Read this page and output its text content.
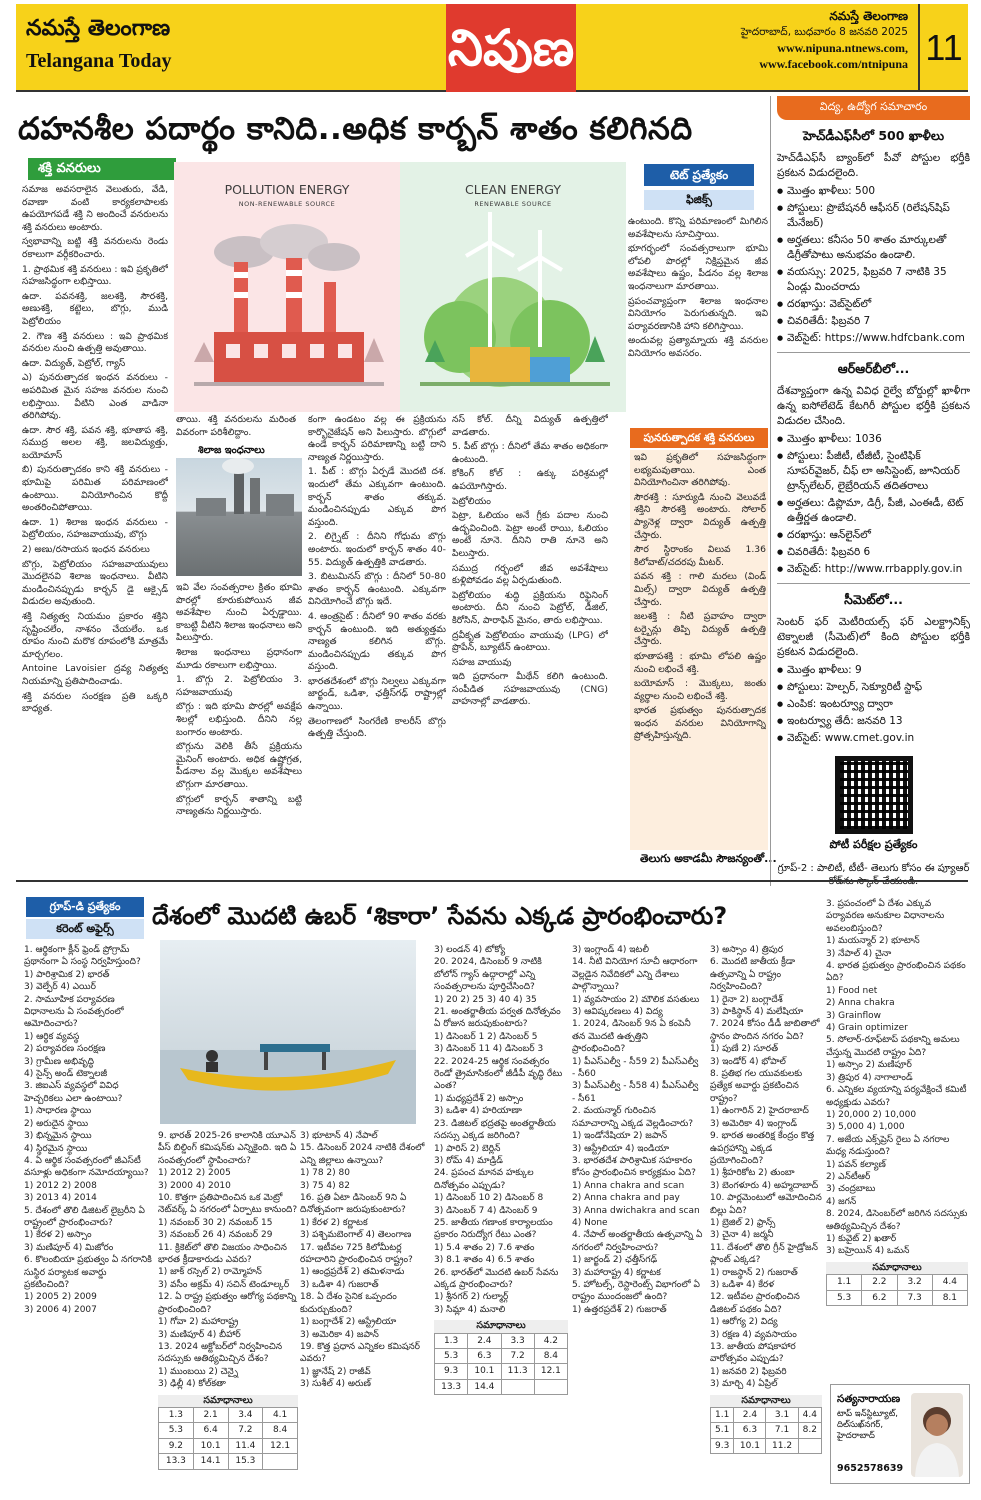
నమస్తే తెలంగాణ
Telangana Today	నిపుణ
నమస్తే తెలంగాణ
హైదరాబాద్, బుధవారం 8 జనవరి 2025
www.nipuna.ntnews.com,
www.facebook.com/ntnipuna 11
దహనశీల పదార్థం కానిది..అధిక కార్బన్ శాతం కలిగినది
శక్తి వనరులు

సమాజ అవసరాలైన వెలుతురు, వేడి, రవాణా వంటి కార్యకలాపాలకు ఉపయోగపడే శక్తి ని అందించే వనరులను శక్తి వనరులు అంటారు.

స్వభావాన్ని బట్టి శక్తి వనరులను రెండు రకాలుగా వర్గీకరించారు.

1. ప్రాథమిక శక్తి వనరులు : ఇవి ప్రకృతిలో సహజసిద్ధంగా లభిస్తాయి.

ఉదా. పవనశక్తి, జలశక్తి, సౌరశక్తి, అణుశక్తి, కట్టెలు, బొగ్గు, ముడి పెట్రోలియం

2. గౌణ శక్తి వనరులు : ఇవి ప్రాథమిక వనరుల నుంచి ఉత్పత్తి అవుతాయి.

ఉదా. విద్యుత్, పెట్రోల్, గ్యాస్

ఎ) పునరుత్పాదక ఇంధన వనరులు - అపరిమిత మైన సహజ వనరుల నుంచి లభిస్తాయి. వీటిని ఎంత వాడినా తరిగిపోవు.

ఉదా. సౌర శక్తి, పవన శక్తి, భూతాప శక్తి, సముద్ర అలల శక్తి, జలవిద్యుత్తు, బయోమాస్

బి) పునరుత్పాదకం కాని శక్తి వనరులు - భూమిపై పరిమిత పరిమాణంలో ఉంటాయి. వినియోగించిన కొద్దీ అంతరించిపోతాయి.

ఉదా. 1) శిలాజ ఇంధన వనరులు - పెట్రోలియం, సహజవాయువు, బొగ్గు

2) అణు/రసాయన ఇంధన వనరులు

బొగ్గు, పెట్రోలియం సహజవాయువులు మొదలైనవి శిలాజ ఇంధనాలు. వీటిని మండించినప్పుడు కార్బన్ డై ఆక్సైడ్ విడుదల అవుతుంది.

శక్తి నిత్యత్వ నియమం ప్రకారం శక్తిని సృష్టించలేం, నాశనం చేయలేం. ఒక రూపం నుంచి మరొక రూపంలోకి మాత్రమే మార్చగలం.

Antoine Lavoisier ద్రవ్య నిత్యత్వ నియమాన్ని ప్రతిపాదించాడు.

శక్తి వనరుల సంరక్షణ ప్రతి ఒక్కరి బాధ్యత.

POLLUTION ENERGY
NON-RENEWABLE SOURCE
CLEAN ENERGY
RENEWABLE SOURCE
తాయి. శక్తి వనరులను మరింత వివరంగా పరిశీలిద్దాం.
శిలాజ ఇంధనాలు

ఇవి వేల సంవత్సరాల క్రితం భూమి పొరల్లో కూరుకుపోయిన జీవ అవశేషాల నుంచి ఏర్పడ్డాయి. కాబట్టి వీటిని శిలాజ ఇంధనాలు అని పిలుస్తారు.

శిలాజ ఇంధనాలు ప్రధానంగా మూడు రకాలుగా లభిస్తాయి.

1. బొగ్గు 2. పెట్రోలియం 3. సహజవాయువు

బొగ్గు : ఇది భూమి పొరల్లో అవక్షేప శిలల్లో లభిస్తుంది. దీనిని నల్ల బంగారం అంటారు.

బొగ్గును వెలికి తీసే ప్రక్రియను మైనింగ్ అంటారు. అధిక ఉష్ణోగ్రత, పీడనాల వల్ల మొక్కల అవశేషాలు బొగ్గుగా మారతాయి.

బొగ్గులో కార్బన్ శాతాన్ని బట్టి నాణ్యతను నిర్ణయిస్తారు.

కంగా ఉండటం వల్ల ఈ ప్రక్రియను కార్బొనైజేషన్ అని పిలుస్తారు. బొగ్గులో ఉండే కార్బన్ పరిమాణాన్ని బట్టి దాని నాణ్యత నిర్ణయిస్తారు.

1. పీట్ : బొగ్గు ఏర్పడే మొదటి దశ. ఇందులో తేమ ఎక్కువగా ఉంటుంది. కార్బన్ శాతం తక్కువ. మండించినప్పుడు ఎక్కువ పొగ వస్తుంది.

2. లిగ్నైట్ : దీనిని గోధుమ బొగ్గు అంటారు. ఇందులో కార్బన్ శాతం 40-55. విద్యుత్ ఉత్పత్తికి వాడతారు.

3. బిటుమినస్ బొగ్గు : దీనిలో 50-80 శాతం కార్బన్ ఉంటుంది. ఎక్కువగా వినియోగించే బొగ్గు ఇదే.

4. ఆంత్రసైట్ : దీనిలో 90 శాతం వరకు కార్బన్ ఉంటుంది. ఇది అత్యుత్తమ నాణ్యత కలిగిన బొగ్గు. మండించినప్పుడు తక్కువ పొగ వస్తుంది.

భారతదేశంలో బొగ్గు నిల్వలు ఎక్కువగా జార్ఖండ్, ఒడిశా, ఛత్తీస్‌గఢ్ రాష్ట్రాల్లో ఉన్నాయి.

తెలంగాణలో సింగరేణి కాలరీస్ బొగ్గు ఉత్పత్తి చేస్తుంది.

నస్ కోల్. దీన్ని విద్యుత్ ఉత్పత్తిలో వాడతారు.

5. పీట్ బొగ్గు : దీనిలో తేమ శాతం అధికంగా ఉంటుంది.

కోకింగ్ కోల్ : ఉక్కు పరిశ్రమల్లో ఉపయోగిస్తారు.

పెట్రోలియం

పెట్రా, ఓలియం అనే గ్రీకు పదాల నుంచి ఉద్భవించింది. పెట్రా అంటే రాయి, ఓలియం అంటే నూనె. దీనిని రాతి నూనె అని పిలుస్తారు.

సముద్ర గర్భంలో జీవ అవశేషాలు కుళ్లిపోవడం వల్ల ఏర్పడుతుంది.

పెట్రోలియం శుద్ధి ప్రక్రియను రిఫైనింగ్ అంటారు. దీని నుంచి పెట్రోల్, డీజిల్, కిరోసిన్, పారాఫిన్ మైనం, తారు లభిస్తాయి.

ద్రవీకృత పెట్రోలియం వాయువు (LPG) లో ప్రొపేన్, బ్యూటేన్ ఉంటాయి.

సహజ వాయువు

ఇది ప్రధానంగా మీథేన్ కలిగి ఉంటుంది. సంపీడిత సహజవాయువు (CNG) వాహనాల్లో వాడతారు.

టెట్ ప్రత్యేకం
ఫిజిక్స్

ఉంటుంది. కొన్ని పరిమాణంలో మిగిలిన అవశేషాలను సూచిస్తాయి.

భూగర్భంలో సంవత్సరాలుగా భూమి లోపలి పొరల్లో నిక్షిప్తమైన జీవ అవశేషాలు ఉష్ణం, పీడనం వల్ల శిలాజ ఇంధనాలుగా మారతాయి.

ప్రపంచవ్యాప్తంగా శిలాజ ఇంధనాల వినియోగం పెరుగుతున్నది. ఇవి పర్యావరణానికి హాని కలిగిస్తాయి.

అందువల్ల ప్రత్యామ్నాయ శక్తి వనరుల వినియోగం అవసరం.

పునరుత్పాదక శక్తి వనరులు

ఇవి ప్రకృతిలో సహజసిద్ధంగా లభ్యమవుతాయి. ఎంత వినియోగించినా తరిగిపోవు.

సౌరశక్తి : సూర్యుడి నుంచి వెలువడే శక్తిని సౌరశక్తి అంటారు. సోలార్ ప్యానెళ్ల ద్వారా విద్యుత్ ఉత్పత్తి చేస్తారు.

సౌర స్థిరాంకం విలువ 1.36 కిలోవాట్/చదరపు మీటర్.

పవన శక్తి : గాలి మరలు (విండ్ మిల్స్) ద్వారా విద్యుత్ ఉత్పత్తి చేస్తారు.

జలశక్తి : నీటి ప్రవాహం ద్వారా టర్బైన్లు తిప్పి విద్యుత్ ఉత్పత్తి చేస్తారు.

భూతాపశక్తి : భూమి లోపలి ఉష్ణం నుంచి లభించే శక్తి.

బయోమాస్ : మొక్కలు, జంతు వ్యర్థాల నుంచి లభించే శక్తి.

భారత ప్రభుత్వం పునరుత్పాదక ఇంధన వనరుల వినియోగాన్ని ప్రోత్సహిస్తున్నది.

తెలుగు అకాడమీ సౌజన్యంతో...
విద్య, ఉద్యోగ సమాచారం
హెచ్‌డీఎఫ్‌సీలో 500 ఖాళీలు
హెచ్‌డీఎఫ్‌సీ బ్యాంక్‌లో పీవో పోస్టుల భర్తీకి ప్రకటన విడుదలైంది.
● మొత్తం ఖాళీలు: 500
● పోస్టులు: ప్రొబేషనరీ ఆఫీసర్ (రిలేషన్‌షిప్ మేనేజర్)
● అర్హతలు: కనీసం 50 శాతం మార్కులతో డిగ్రీతోపాటు అనుభవం ఉండాలి.
● వయస్సు: 2025, ఫిబ్రవరి 7 నాటికి 35 ఏండ్లు మించరాదు
● దరఖాస్తు: వెబ్‌సైట్‌లో
● చివరితేదీ: ఫిబ్రవరి 7
● వెబ్‌సైట్: https://www.hdfcbank.com
ఆర్ఆర్‌బీలో...
దేశవ్యాప్తంగా ఉన్న వివిధ రైల్వే బోర్డుల్లో ఖాళీగా ఉన్న ఐసోలేటెడ్ కేటగిరీ పోస్టుల భర్తీకి ప్రకటన విడుదల చేసింది.
● మొత్తం ఖాళీలు: 1036
● పోస్టులు: పీజీటీ, టీజీటీ, సైంటిఫిక్ సూపర్‌వైజర్, చీఫ్ లా అసిస్టెంట్, జూనియర్ ట్రాన్స్‌లేటర్, లైబ్రేరియన్ తదితరాలు
● అర్హతలు: డిప్లొమా, డిగ్రీ, పీజీ, ఎంఈడీ, టెట్ ఉత్తీర్ణత ఉండాలి.
● దరఖాస్తు: ఆన్‌లైన్‌లో
● చివరితేదీ: ఫిబ్రవరి 6
● వెబ్‌సైట్: http://www.rrbapply.gov.in
సీమెట్‌లో...
సెంటర్ ఫర్ మెటీరియల్స్ ఫర్ ఎలక్ట్రానిక్స్ టెక్నాలజీ (సీమెట్)లో కింది పోస్టుల భర్తీకి ప్రకటన విడుదలైంది.
● మొత్తం ఖాళీలు: 9
● పోస్టులు: హెల్పర్, సెక్యూరిటీ స్టాఫ్
● ఎంపిక: ఇంటర్వ్యూ ద్వారా
● ఇంటర్వ్యూ తేదీ: జనవరి 13
● వెబ్‌సైట్: www.cmet.gov.in
పోటీ పరీక్షల ప్రత్యేకం
గ్రూప్-2 : పాలిటీ, టీటీ- తెలుగు కోసం ఈ ప్యూఆర్ కోడ్‌ను స్కాన్ చేయండి.
గ్రూప్-డి ప్రత్యేకం
కరెంట్ అఫైర్స్	దేశంలో మొదటి ఉబర్ ‘శికారా’ సేవను ఎక్కడ ప్రారంభించారు?

1. ఆర్థికంగా క్లీన్ ఫ్రెండ్ ప్రోగ్రామ్ ప్రథానంగా ఏ సంస్థ నిర్వహిస్తుంది?

1) పారిశ్రామిక 2) భారత్

3) వెల్ఫేర్ 4) ఎయిర్

2. సామూహిక పర్యావరణ విధానాలను ఏ సంవత్సరంలో ఆమోదించారు?

1) ఆర్థిక వ్యవస్థ

2) పర్యావరణ సంరక్షణ

3) గ్రామీణ అభివృద్ధి

4) సైన్స్ అండ్ టెక్నాలజీ

3. జిఐఎస్ వ్యవస్థలో వివిధ హెచ్చరికలు ఎలా ఉంటాయి?

1) సాధారణ స్థాయి

2) అరుదైన స్థాయి

3) భిన్నమైన స్థాయి

4) స్థిరమైన స్థాయి

4. ఏ ఆర్థిక సంవత్సరంలో జీఎస్‌టీ వసూళ్లు అధికంగా నమోదయ్యాయి?

1) 2012 2) 2008

3) 2013 4) 2014

5. దేశంలో తొలి డిజిటల్ లైబ్రరీని ఏ రాష్ట్రంలో ప్రారంభించారు?

1) కేరళ 2) అస్సాం

3) మణిపూర్ 4) మిజోరం

6. కొలంబియా ప్రభుత్వం ఏ నగరానికి సుస్థిర పర్యాటక అవార్డు ప్రకటించింది?

1) 2005 2) 2009

3) 2006 4) 2007

9. భారత్ 2025-26 కాలానికి యూఎన్ పీస్ బిల్డింగ్ కమిషన్‌కు ఎన్నికైంది. ఇది ఏ సంవత్సరంలో స్థాపించారు?

1) 2012 2) 2005

3) 2000 4) 2010

10. కొత్తగా ప్రతిపాదించిన ఒక మెట్రో నెట్‌వర్క్ ఏ నగరంలో ఏర్పాటు కానుంది?

1) నవంబర్ 30 2) నవంబర్ 15

3) నవంబర్ 26 4) నవంబర్ 29

11. క్రికెట్‌లో తొలి విజయం సాధించిన భారత క్రీడాకారుడు ఎవరు?

1) జాక్ రస్సెల్ 2) రామ్మోహన్

3) వసీం అక్రమ్ 4) సచిన్ టెండూల్కర్

12. ఏ రాష్ట్ర ప్రభుత్వం ఆరోగ్య పథకాన్ని ప్రారంభించింది?

1) గోవా 2) మహారాష్ట్ర

3) మణిపూర్ 4) బీహార్

13. 2024 అక్టోబర్‌లో నిర్వహించిన సదస్సుకు ఆతిథ్యమిచ్చిన దేశం?

1) ముంబయి 2) చెన్నై

3) ఢిల్లీ 4) కోల్‌కతా

సమాధానాలు
1.3	2.1	3.4	4.1
5.3	6.4	7.2	8.4
9.2	10.1	11.4	12.1
13.3	14.1	15.3	

3) భూటాన్ 4) నేపాల్

15. డిసెంబర్ 2024 నాటికి దేశంలో ఎన్ని జిల్లాలు ఉన్నాయి?

1) 78 2) 80

3) 75 4) 82

16. ప్రతి ఏటా డిసెంబర్ 9ని ఏ దినోత్సవంగా జరుపుకుంటారు?

1) కేరళ 2) కర్ణాటక

3) పశ్చిమబెంగాల్ 4) తెలంగాణ

17. ఇటీవల 725 కిలోమీటర్ల రహదారిని ప్రారంభించిన రాష్ట్రం?

1) ఆంధ్రప్రదేశ్ 2) తమిళనాడు

3) ఒడిశా 4) గుజరాత్

18. ఏ దేశం సైనిక ఒప్పందం కుదుర్చుకుంది?

1) బంగ్లాదేశ్ 2) ఆస్ట్రేలియా

3) అమెరికా 4) జపాన్

19. కొత్త ప్రధాన ఎన్నికల కమిషనర్ ఎవరు?

1) జ్ఞానేష్ 2) రాజీవ్

3) సుశీల్ 4) అరుణ్

3) లండన్ 4) టోక్యో

20. 2024, డిసెంబర్ 9 నాటికి బోలోన్ గ్యాస్ ఉద్గారాల్లో ఎన్ని సంవత్సరాలను పూర్తిచేసింది?

1) 20 2) 25 3) 40 4) 35

21. అంతర్జాతీయ పర్వత దినోత్సవం ఏ రోజున జరుపుకుంటారు?

1) డిసెంబర్ 1 2) డిసెంబర్ 5

3) డిసెంబర్ 11 4) డిసెంబర్ 3

22. 2024-25 ఆర్థిక సంవత్సరం రెండో త్రైమాసికంలో జీడీపీ వృద్ధి రేటు ఎంత?

1) మధ్యప్రదేశ్ 2) అస్సాం

3) ఒడిశా 4) హరియాణా

23. డిజిటల్ భద్రతపై అంతర్జాతీయ సదస్సు ఎక్కడ జరిగింది?

1) పారిస్ 2) బెర్లిన్

3) రోమ్ 4) మాడ్రిడ్

24. ప్రపంచ మానవ హక్కుల దినోత్సవం ఎప్పుడు?

1) డిసెంబర్ 10 2) డిసెంబర్ 8

3) డిసెంబర్ 7 4) డిసెంబర్ 9

25. జాతీయ గణాంక కార్యాలయం ప్రకారం నిరుద్యోగ రేటు ఎంత?

1) 5.4 శాతం 2) 7.6 శాతం

3) 8.1 శాతం 4) 6.5 శాతం

26. భారత్‌లో మొదటి ఉబర్ సేవను ఎక్కడ ప్రారంభించారు?

1) శ్రీనగర్ 2) గుల్మార్గ్

3) సిమ్లా 4) మనాలి

సమాధానాలు
1.3	2.4	3.3	4.2
5.3	6.3	7.2	8.4
9.3	10.1	11.3	12.1
13.3	14.4		

3) ఇంగ్లాండ్ 4) ఇటలీ

14. నీటి వినియోగ సూచీ ఆధారంగా వెల్లడైన నివేదికలో ఎన్ని దేశాలు పాల్గొన్నాయి?

1) వ్యవసాయం 2) మౌలిక వసతులు

3) ఆవిష్కరణలు 4) విద్య

1. 2024, డిసెంబర్ 9న ఏ కంపెనీ తన మొదటి ఉత్పత్తిని ప్రారంభించింది?

1) పీఎస్ఎల్వీ - సీ59 2) పీఎస్ఎల్వీ - సీ60

3) పీఎస్ఎల్వీ - సీ58 4) పీఎస్ఎల్వీ - సీ61

2. మయన్మార్ గురించిన సమాచారాన్ని ఎక్కడ వెల్లడించారు?

1) ఇండోనేషియా 2) జపాన్

3) ఆస్ట్రేలియా 4) ఇండియా

3. భారతదేశ పారిశ్రామిక సహకారం కోసం ప్రారంభించిన కార్యక్రమం ఏది?

1) Anna chakra and scan

2) Anna chakra and pay

3) Anna dwichakra and scan

4) None

4. నేపాల్ అంతర్జాతీయ ఉత్సవాన్ని ఏ నగరంలో నిర్వహించారు?

1) జార్ఖండ్ 2) ఛత్తీస్‌గఢ్

3) మహారాష్ట్ర 4) కర్ణాటక

5. హోటల్స్, రెస్టారెంట్స్ విభాగంలో ఏ రాష్ట్రం ముందంజలో ఉంది?

1) ఉత్తరప్రదేశ్ 2) గుజరాత్

3) అస్సాం 4) త్రిపుర

6. మొదటి జాతీయ క్రీడా ఉత్సవాన్ని ఏ రాష్ట్రం నిర్వహించింది?

1) రైనా 2) బంగ్లాదేశ్

3) పాకిస్థాన్ 4) మలేషియా

7. 2024 కోసం డీడీ జాబితాలో స్థానం పొందిన నగరం ఏది?

1) పుణే 2) సూరత్

3) ఇండోర్ 4) భోపాల్

8. ప్రతిభ గల యువకులకు ప్రత్యేక అవార్డు ప్రకటించిన రాష్ట్రం?

1) ఉంగారిన్ 2) హైదరాబాద్

3) అమెరికా 4) ఇంగ్లాండ్

9. భారత అంతరిక్ష కేంద్రం కొత్త ఉపగ్రహాన్ని ఎక్కడ ప్రయోగించింది?

1) శ్రీహరికోట 2) తుంబా

3) బెంగళూరు 4) అహ్మదాబాద్

10. పార్లమెంటులో ఆమోదించిన బిల్లు ఏది?

1) బ్రెజిల్ 2) ఫ్రాన్స్

3) చైనా 4) జర్మనీ

11. దేశంలో తొలి గ్రీన్ హైడ్రోజన్ ప్లాంట్ ఎక్కడ?

1) రాజస్థాన్ 2) గుజరాత్

3) ఒడిశా 4) కేరళ

12. ఇటీవల ప్రారంభించిన డిజిటల్ పథకం ఏది?

1) ఆరోగ్య 2) విద్య

3) రక్షణ 4) వ్యవసాయం

13. జాతీయ పోషకాహార వారోత్సవం ఎప్పుడు?

1) జనవరి 2) ఫిబ్రవరి

3) మార్చి 4) ఏప్రిల్

సమాధానాలు
1.1	2.4	3.1	4.4
5.1	6.3	7.1	8.2
9.3	10.1	11.2	

3. ప్రపంచంలో ఏ దేశం ఎక్కువ పర్యావరణ అనుకూల విధానాలను అవలంబిస్తుంది?

1) మయన్మార్ 2) భూటాన్

3) నేపాల్ 4) చైనా

4. భారత ప్రభుత్వం ప్రారంభించిన పథకం ఏది?

1) Food net

2) Anna chakra

3) Grainflow

4) Grain optimizer

5. సోలార్-రూఫ్‌టాప్ పథకాన్ని అమలు చేస్తున్న మొదటి రాష్ట్రం ఏది?

1) అస్సాం 2) మణిపూర్

3) త్రిపుర 4) నాగాలాండ్

6. ఎన్నికల వ్యయాన్ని పర్యవేక్షించే కమిటీ అధ్యక్షుడు ఎవరు?

1) 20,000 2) 10,000

3) 5,000 4) 1,000

7. అజేయ ఎక్స్‌ప్రెస్ రైలు ఏ నగరాల మధ్య నడుస్తుంది?

1) పవన్ కల్యాణ్

2) ఎన్‌టీఆర్

3) చంద్రబాబు

4) జగన్

8. 2024, డిసెంబర్‌లో జరిగిన సదస్సుకు ఆతిథ్యమిచ్చిన దేశం?

1) కువైట్ 2) ఖతార్

3) బహ్రెయిన్ 4) ఒమన్

సమాధానాలు
1.1	2.2	3.2	4.4
5.3	6.2	7.3	8.1
సత్యనారాయణ
టాప్ ఇన్‌స్టిట్యూట్, దిల్‌సుఖ్‌నగర్, హైదరాబాద్
9652578639
